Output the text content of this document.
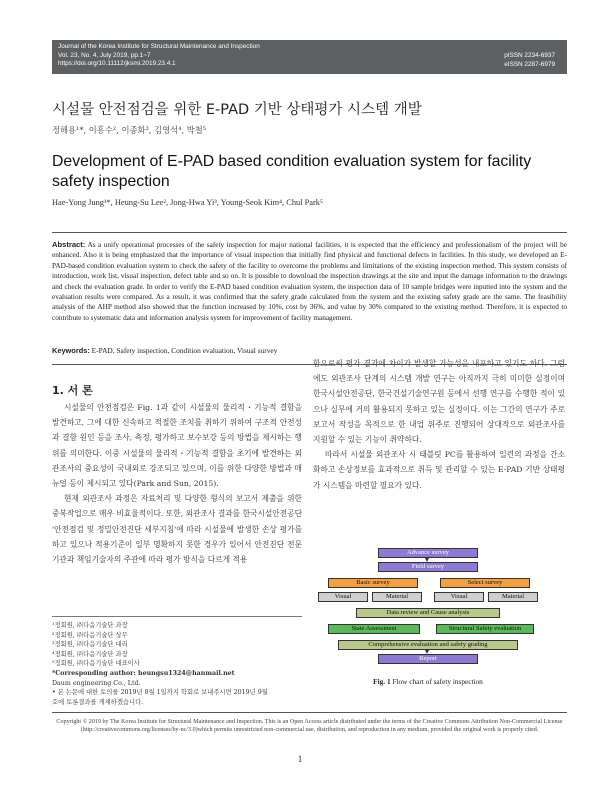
Journal of the Korea Institute for Structural Maintenance and Inspection
Vol. 23, No. 4, July 2019, pp.1~7
https://doi.org/10.11112/jksmi.2019.23.4.1
pISSN 2234-6937
eISSN 2287-6979
시설물 안전점검을 위한 E-PAD 기반 상태평가 시스템 개발
정해용¹*, 이흥수², 이종화³, 김영석⁴, 박철⁵
Development of E-PAD based condition evaluation system for facility safety inspection
Hae-Yong Jung¹*, Heung-Su Lee², Jong-Hwa Yi³, Young-Seok Kim⁴, Chul Park⁵
Abstract: As a unify operational processes of the safety inspection for major national facilities, it is expected that the efficiency and professionalism of the project will be enhanced. Also it is being emphasized that the importance of visual inspection that initially find physical and functional defects in facilities. In this study, we developed an E-PAD-based condition evaluation system to check the safety of the facility to overcome the problems and limitations of the existing inspection method. This system consists of introduction, work list, visual inspection, defect table and so on. It is possible to download the inspection drawings at the site and input the damage information to the drawings and check the evaluation grade. In order to verify the E-PAD based condition evaluation system, the inspection data of 10 sample bridges were inputted into the system and the evaluation results were compared. As a result, it was confirmed that the safety grade calculated from the system and the existing safety grade are the same. The feasibility analysis of the AHP method also showed that the function increased by 10%, cost by 36%, and value by 30% compared to the existing method. Therefore, it is expected to contribute to systematic data and information analysis system for improvement of facility management.
Keywords: E-PAD, Safety inspection, Condition evaluation, Visual survey
1. 서 론

시설물의 안전점검은 Fig. 1과 같이 시설물의 물리적・기능적 결함을 발견하고, 그에 대한 신속하고 적절한 조치를 취하기 위하여 구조적 안전성과 결함 원인 등을 조사, 측정, 평가하고 보수보강 등의 방법을 제시하는 행위를 의미한다. 이중 시설물의 물리적・기능적 결함을 초기에 발견하는 외관조사의 중요성이 국내외로 강조되고 있으며, 이를 위한 다양한 방법과 매뉴얼 등이 제시되고 있다(Park and Sun, 2015).

현재 외관조사 과정은 자료처리 및 다양한 형식의 보고서 제출을 위한 중복작업으로 매우 비효율적이다. 또한, 외관조사 결과를 한국시설안전공단 '안전점검 및 정밀안전진단 세부지침'에 따라 시설물에 발생한 손상 평가를 하고 있으나 적용기준이 일부 명확하지 못한 경우가 있어서 안전진단 전문기관과 책임기술자의 주관에 따라 평가 방식을 다르게 적용

함으로써 평가 결과에 차이가 발생할 가능성을 내포하고 있기도 하다. 그럼에도 외관조사 단계의 시스템 개발 연구는 아직까지 극히 미미한 실정이며 한국시설안전공단, 한국건설기술연구원 등에서 선행 연구를 수행한 적이 있으나 실무에 거의 활용되지 못하고 있는 실정이다. 이는 그간의 연구가 주로 보고서 작성을 목적으로 한 내업 위주로 진행되어 상대적으로 외관조사를 지원할 수 있는 기능이 취약하다.

따라서 시설물 외관조사 시 태블릿 PC를 활용하여 일련의 과정을 간소화하고 손상정보를 효과적으로 취득 및 관리할 수 있는 E-PAD 기반 상태평가 시스템을 마련할 필요가 있다.

¹정회원, ㈜다음기술단 과장
²정회원, ㈜다음기술단 상무
³정회원, ㈜다음기술단 대리
⁴정회원, ㈜다음기술단 과장
⁵정회원, ㈜다음기술단 대표이사
*Corresponding author: heungsu1324@hanmail.net
Daum engineering Co., Ltd.
• 본 논문에 대한 토의를 2019년 8월 1일까지 학회로 보내주시면 2019년 9월
호에 토론결과를 게재하겠습니다.
Advance survey
Field survey
Basic survey	Select survey
Visual	Material	Visual	Material
Data review and Cause analysis
State Assessment	Structural Safety evaluation
Comprehensive evaluation and safety grading
Report
Fig. 1 Flow chart of safety inspection
Copyright © 2019 by The Korea Institute for Structural Maintenance and Inspection. This is an Open Access article distributed under the terms of the Creative Commons Attribution Non-Commercial License (http://creativecommons.org/licenses/by-nc/3.0)which permits unrestricted non-commercial use, distribution, and reproduction in any medium, provided the original work is properly cited.
1
